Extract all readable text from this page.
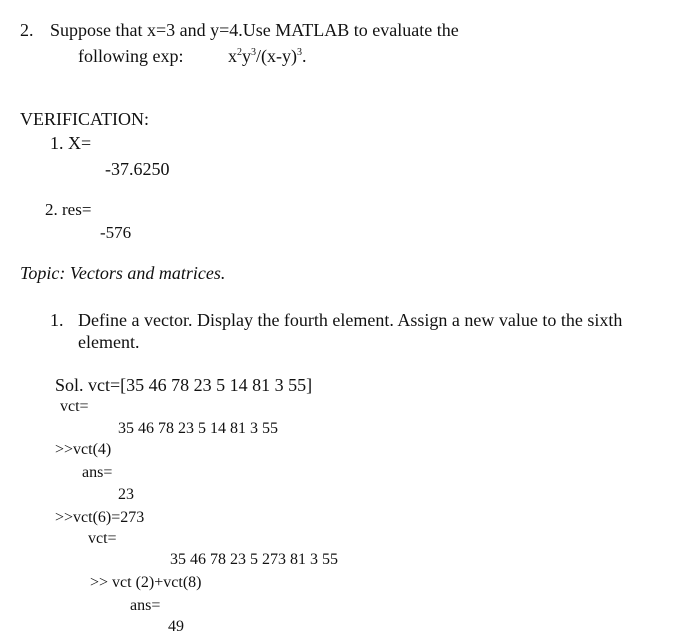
2. Suppose that x=3 and y=4.Use MATLAB to evaluate the
following exp: $x^2y^3/(x-y)^3$.
VERIFICATION:
1. X=
-37.6250
2. res=
-576
Topic: Vectors and matrices.
1. Define a vector. Display the fourth element. Assign a new value to the sixth
element.
Sol. vct=[35 46 78 23 5 14 81 3 55]
vct=
35 46 78 23 5 14 81 3 55
>>vct(4)
ans=
23
>>vct(6)=273
vct=
35 46 78 23 5 273 81 3 55
>> vct (2)+vct(8)
ans=
49
